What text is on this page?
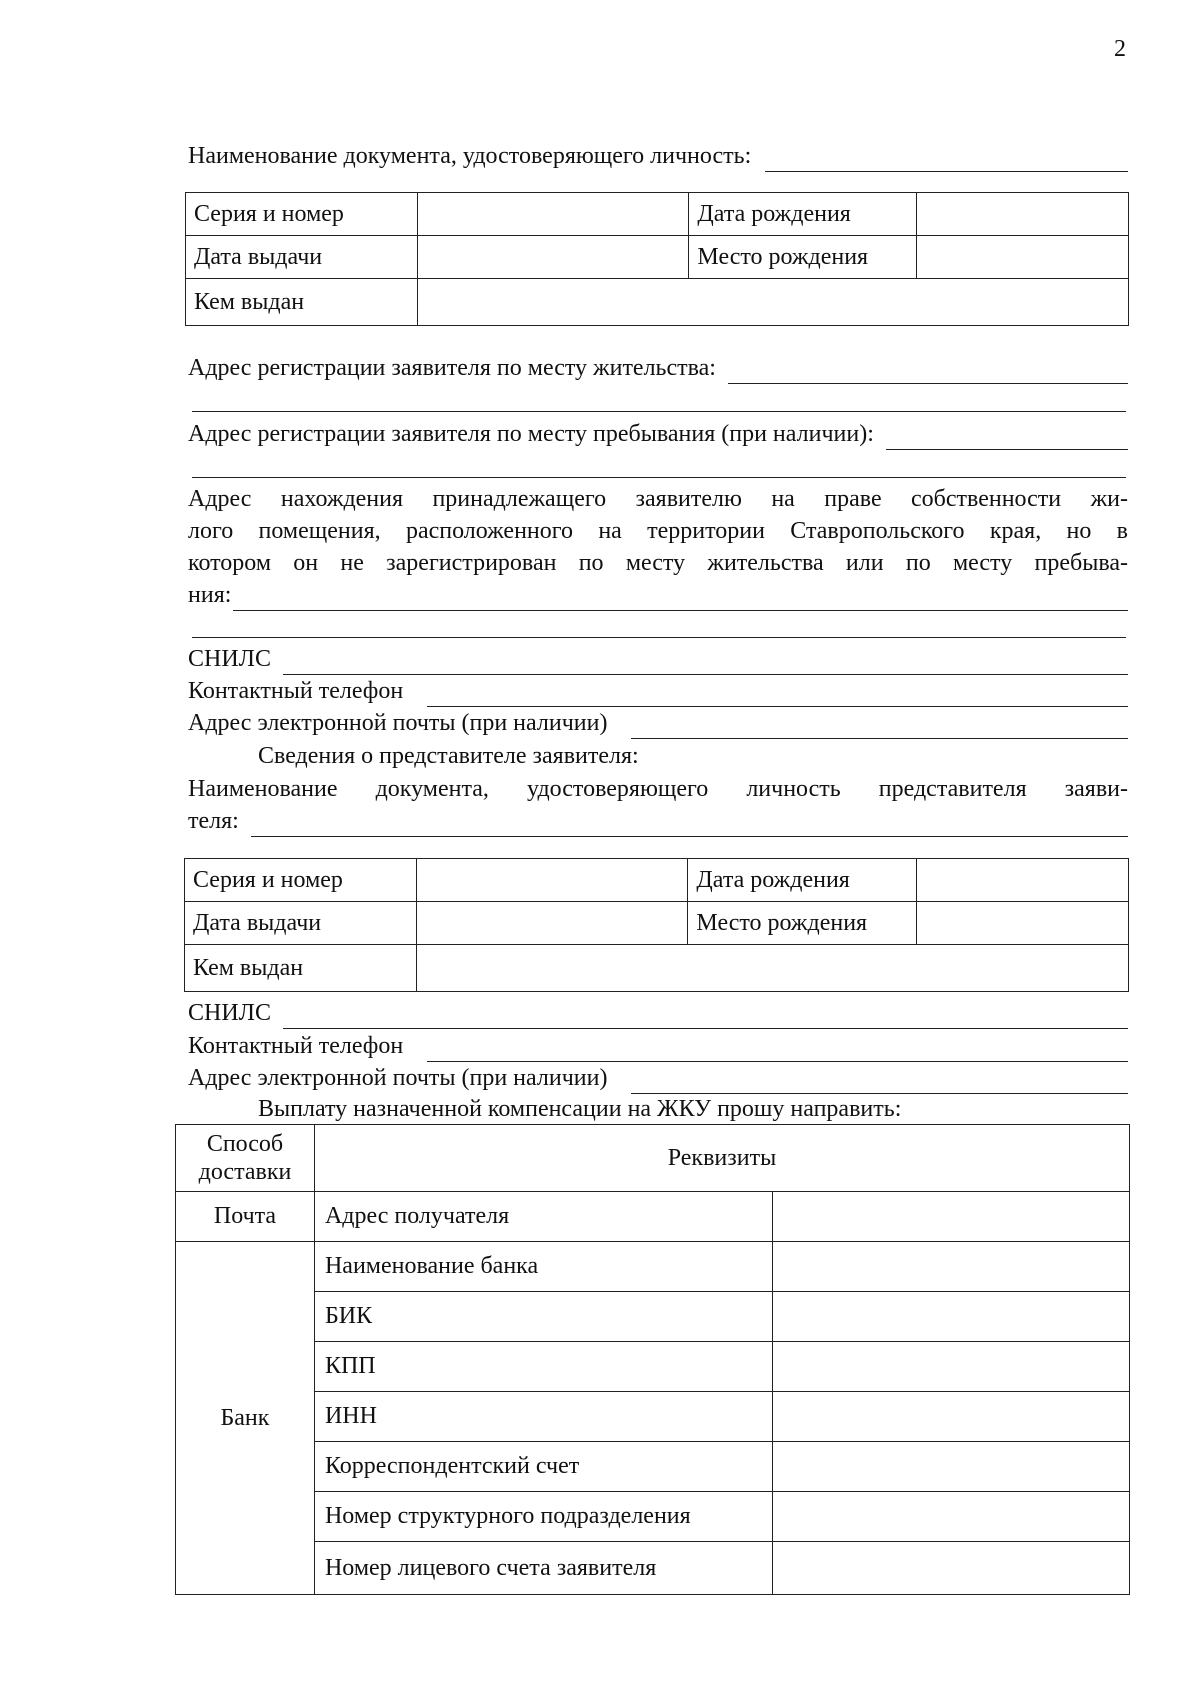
2
Наименование документа, удостоверяющего личность:
Серия и номер		Дата рождения	
Дата выдачи		Место рождения	
Кем выдан			
Адрес регистрации заявителя по месту жительства:
Адрес регистрации заявителя по месту пребывания (при наличии):
Адрес нахождения принадлежащего заявителю на праве собственности жи-
лого помещения, расположенного на территории Ставропольского края, но в
котором он не зарегистрирован по месту жительства или по месту пребыва-
ния:
СНИЛС
Контактный телефон
Адрес электронной почты (при наличии)
Сведения о представителе заявителя:
Наименование документа, удостоверяющего личность представителя заяви-
теля:
Серия и номер		Дата рождения	
Дата выдачи		Место рождения	
Кем выдан			
СНИЛС
Контактный телефон
Адрес электронной почты (при наличии)
Выплату назначенной компенсации на ЖКУ прошу направить:
Способ
доставки	Реквизиты	
Почта	Адрес получателя	
Банк	Наименование банка	
	БИК	
	КПП	
	ИНН	
	Корреспондентский счет	
	Номер структурного подразделения	
	Номер лицевого счета заявителя	
